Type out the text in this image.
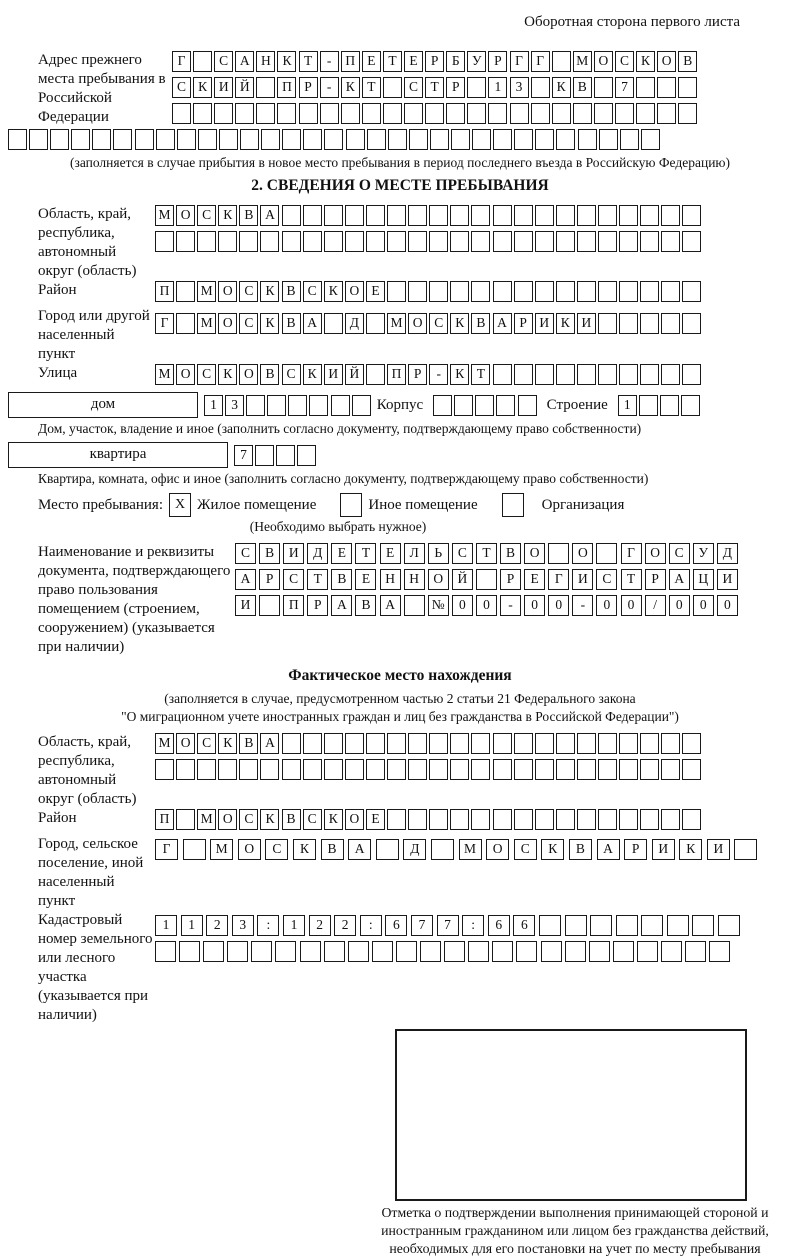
Оборотная сторона первого листа
Адрес прежнего места пребывания в Российской Федерации
Г	С А Н К Т	-	П Е Т Е Р Б У Р Г Г	М О С К О В
С К И Й	П Р	-	К Т	С Т Р	1	3	К В	7
(заполняется в случае прибытия в новое место пребывания в период последнего въезда в Российскую Федерацию)
2. СВЕДЕНИЯ О МЕСТЕ ПРЕБЫВАНИЯ
Область, край, республика, автономный округ (область)
М О С К В А
Район	П	М О С К В С К О Е
Город или другой населенный пункт
Г	М О С К В А	Д	М О С К В А Р И К И
Улица	М О С К О В С К И Й	П Р	-	К Т
дом	1	3	Корпус	Строение	1
Дом, участок, владение и иное (заполнить согласно документу, подтверждающему право собственности)
квартира	7
Квартира, комната, офис и иное (заполнить согласно документу, подтверждающему право собственности)
Место пребывания: X Жилое помещение	Иное помещение	Организация
(Необходимо выбрать нужное)
Наименование и реквизиты документа, подтверждающего право пользования помещением (строением, сооружением) (указывается при наличии)
С	В	И	Д	Е	Т	Е	Л	Ь	С	Т	В	О	О	Г	О	С	У	Д
А	Р	С	Т	В	Е	Н	Н	О	Й	Р	Е	Г	И	С	Т	Р	А	Ц	И
И	П	Р	А	В	А	№	0	0	-	0	0	-	0	0	/	0	0	0
Фактическое место нахождения
(заполняется в случае, предусмотренном частью 2 статьи 21 Федерального закона
"О миграционном учете иностранных граждан и лиц без гражданства в Российской Федерации")
Область, край, республика, автономный округ (область)
М О С К В А
Район	П	М О С К В С К О Е
Город, сельское поселение, иной населенный пункт
Г	М	О	С	К	В	А	Д	М	О	С	К	В	А	Р	И	К	И
Кадастровый номер земельного или лесного участка (указывается при наличии)
1	1	2	3	:	1	2	2	:	6	7	7	:	6	6
Отметка о подтверждении выполнения принимающей стороной и иностранным гражданином или лицом без гражданства действий, необходимых для его постановки на учет по месту пребывания
